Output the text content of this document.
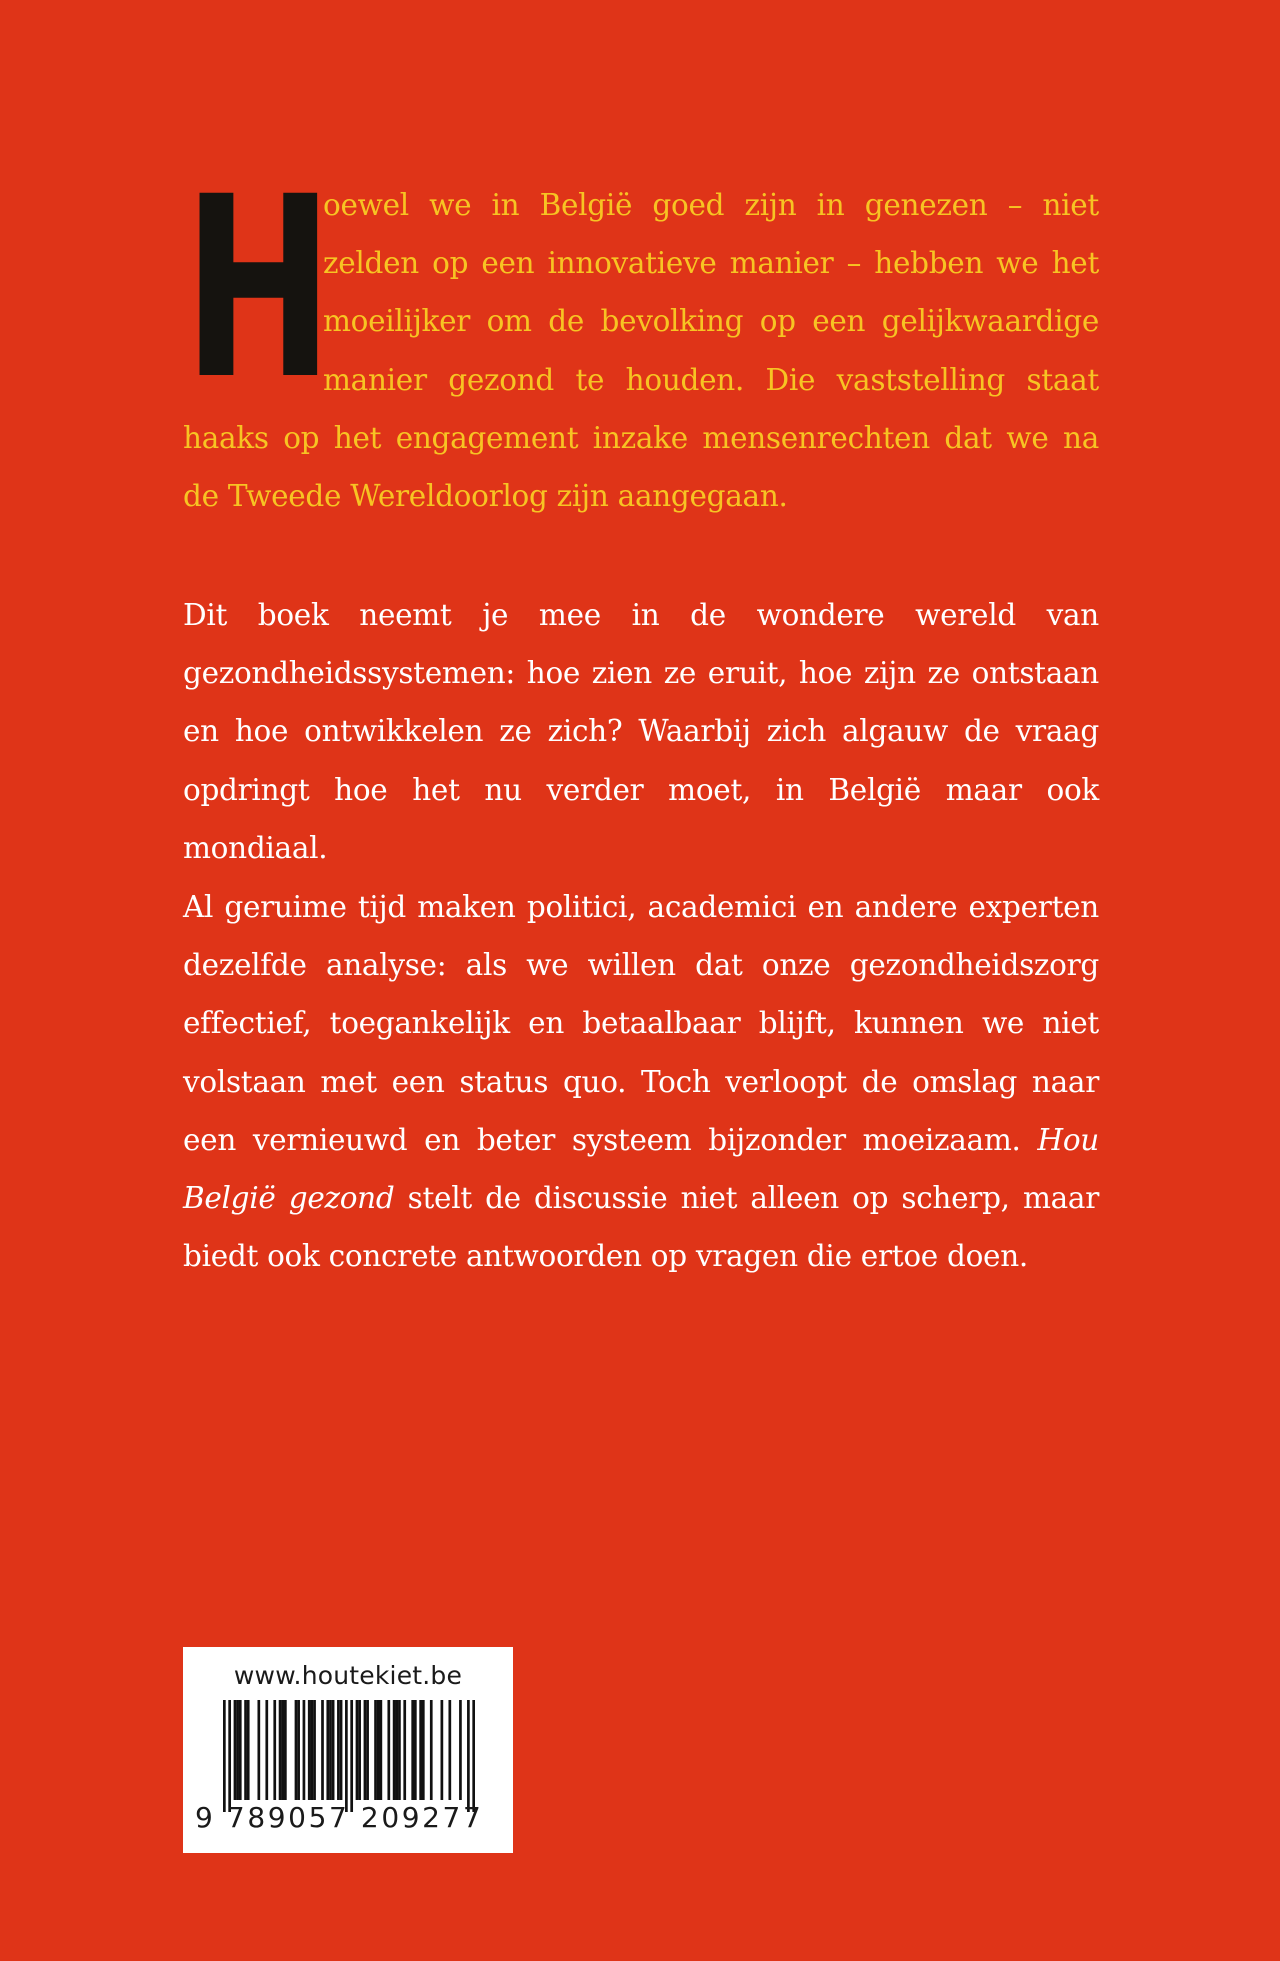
H
oewel we in België goed zijn in genezen – niet zelden op een innovatieve manier – hebben we het moeilijker om de bevolking op een gelijkwaardige manier gezond te houden. Die vaststelling staat haaks op het engagement inzake mensenrechten dat we na de Tweede Wereldoorlog zijn aangegaan.

Dit boek neemt je mee in de wondere wereld van gezondheidssystemen: hoe zien ze eruit, hoe zijn ze ontstaan en hoe ontwikkelen ze zich? Waarbij zich algauw de vraag opdringt hoe het nu verder moet, in België maar ook mondiaal.

Al geruime tijd maken politici, academici en andere experten dezelfde analyse: als we willen dat onze gezondheidszorg effectief, toegankelijk en betaalbaar blijft, kunnen we niet volstaan met een status quo. Toch verloopt de omslag naar een vernieuwd en beter systeem bijzonder moeizaam. Hou België gezond stelt de discussie niet alleen op scherp, maar biedt ook concrete antwoorden op vragen die ertoe doen.

www.houtekiet.be
9 789057 209277
